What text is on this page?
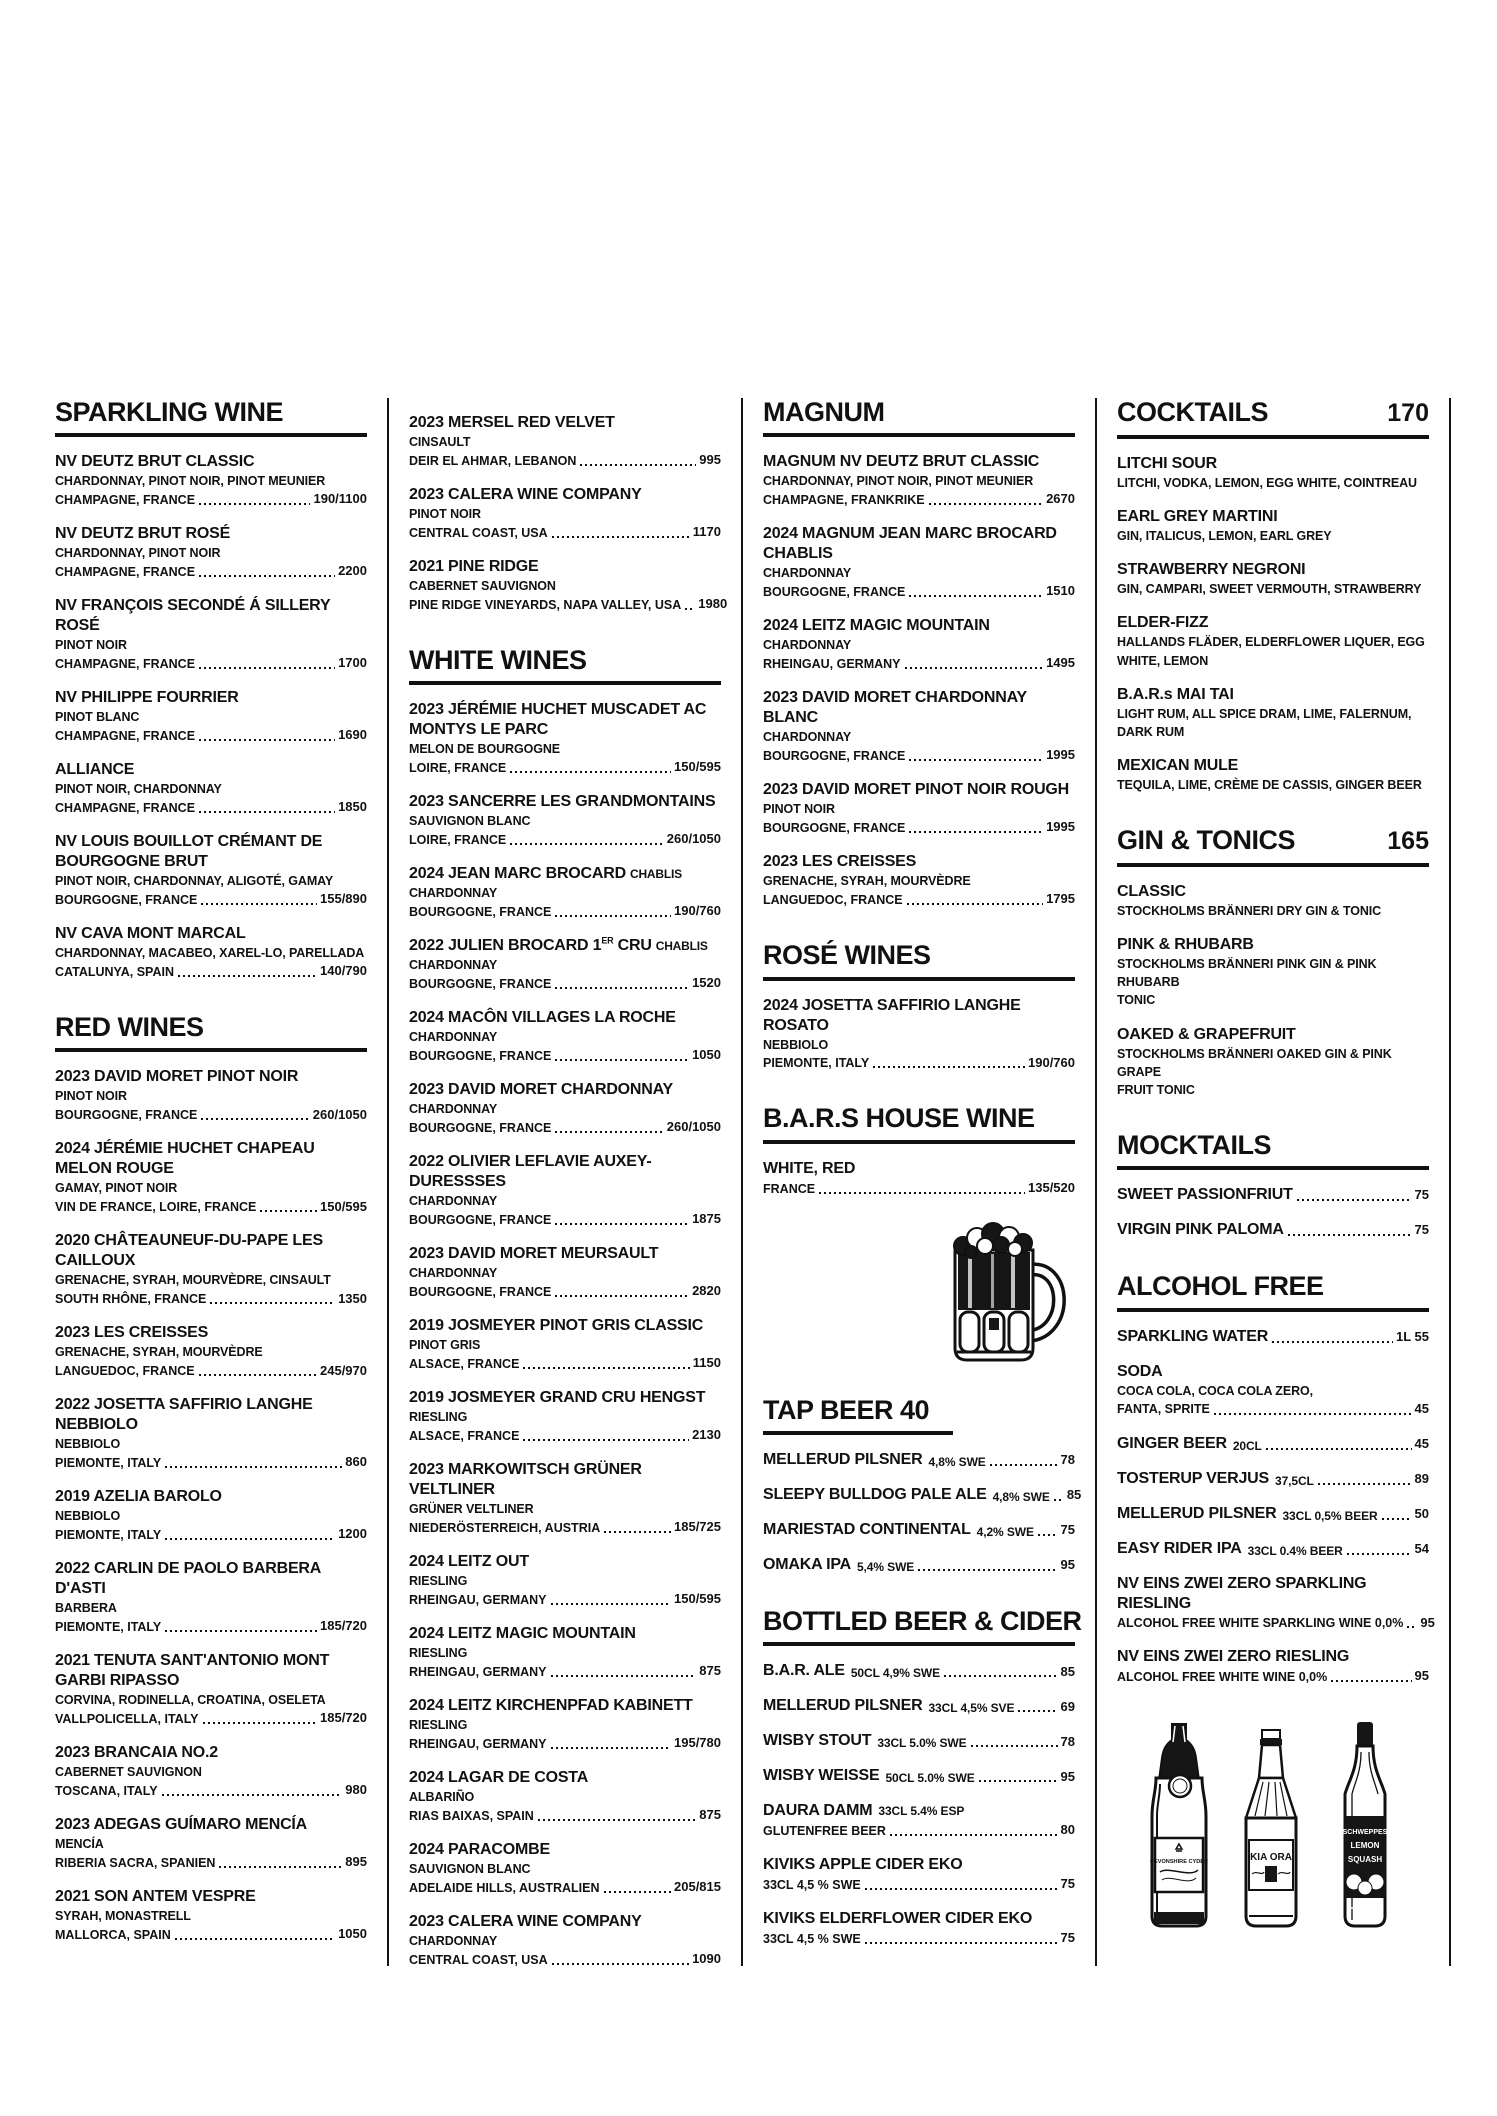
SPARKLING WINE
NV DEUTZ BRUT CLASSIC
CHARDONNAY, PINOT NOIR, PINOT MEUNIER
CHAMPAGNE, FRANCE	190/1100
NV DEUTZ BRUT ROSÉ
CHARDONNAY, PINOT NOIR
CHAMPAGNE, FRANCE	2200
NV FRANÇOIS SECONDÉ Á SILLERY ROSÉ
PINOT NOIR
CHAMPAGNE, FRANCE	1700
NV PHILIPPE FOURRIER
PINOT BLANC
CHAMPAGNE, FRANCE	1690
ALLIANCE
PINOT NOIR, CHARDONNAY
CHAMPAGNE, FRANCE	1850
NV LOUIS BOUILLOT CRÉMANT DE BOURGOGNE BRUT
PINOT NOIR, CHARDONNAY, ALIGOTÉ, GAMAY
BOURGOGNE, FRANCE	155/890
NV CAVA MONT MARCAL
CHARDONNAY, MACABEO, XAREL-LO, PARELLADA
CATALUNYA, SPAIN	140/790
RED WINES
2023 DAVID MORET PINOT NOIR
PINOT NOIR
BOURGOGNE, FRANCE	260/1050
2024 JÉRÉMIE HUCHET CHAPEAU MELON ROUGE
GAMAY, PINOT NOIR
VIN DE FRANCE, LOIRE, FRANCE	150/595
2020 CHÂTEAUNEUF-DU-PAPE LES CAILLOUX
GRENACHE, SYRAH, MOURVÈDRE, CINSAULT
SOUTH RHÔNE, FRANCE	1350
2023 LES CREISSES
GRENACHE, SYRAH, MOURVÈDRE
LANGUEDOC, FRANCE	245/970
2022 JOSETTA SAFFIRIO LANGHE NEBBIOLO
NEBBIOLO
PIEMONTE, ITALY	860
2019 AZELIA BAROLO
NEBBIOLO
PIEMONTE, ITALY	1200
2022 CARLIN DE PAOLO BARBERA D'ASTI
BARBERA
PIEMONTE, ITALY	185/720
2021 TENUTA SANT'ANTONIO MONT GARBI RIPASSO
CORVINA, RODINELLA, CROATINA, OSELETA
VALLPOLICELLA, ITALY	185/720
2023 BRANCAIA NO.2
CABERNET SAUVIGNON
TOSCANA, ITALY	980
2023 ADEGAS GUÍMARO MENCÍA
MENCÍA
RIBERIA SACRA, SPANIEN	895
2021 SON ANTEM VESPRE
SYRAH, MONASTRELL
MALLORCA, SPAIN	1050
2023 MERSEL RED VELVET
CINSAULT
DEIR EL AHMAR, LEBANON	995
2023 CALERA WINE COMPANY
PINOT NOIR
CENTRAL COAST, USA	1170
2021 PINE RIDGE
CABERNET SAUVIGNON
PINE RIDGE VINEYARDS, NAPA VALLEY, USA 1980
WHITE WINES
2023 JÉRÉMIE HUCHET MUSCADET AC MONTYS LE PARC
MELON DE BOURGOGNE
LOIRE, FRANCE	150/595
2023 SANCERRE LES GRANDMONTAINS
SAUVIGNON BLANC
LOIRE, FRANCE	260/1050
2024 JEAN MARC BROCARD CHABLIS
CHARDONNAY
BOURGOGNE, FRANCE	190/760
2022 JULIEN BROCARD 1ER CRU CHABLIS
CHARDONNAY
BOURGOGNE, FRANCE	1520
2024 MACÔN VILLAGES LA ROCHE
CHARDONNAY
BOURGOGNE, FRANCE	1050
2023 DAVID MORET CHARDONNAY
CHARDONNAY
BOURGOGNE, FRANCE	260/1050
2022 OLIVIER LEFLAVIE AUXEY-DURESSSES
CHARDONNAY
BOURGOGNE, FRANCE	1875
2023 DAVID MORET MEURSAULT
CHARDONNAY
BOURGOGNE, FRANCE	2820
2019 JOSMEYER PINOT GRIS CLASSIC
PINOT GRIS
ALSACE, FRANCE	1150
2019 JOSMEYER GRAND CRU HENGST
RIESLING
ALSACE, FRANCE	2130
2023 MARKOWITSCH GRÜNER VELTLINER
GRÜNER VELTLINER
NIEDERÖSTERREICH, AUSTRIA	185/725
2024 LEITZ OUT
RIESLING
RHEINGAU, GERMANY	150/595
2024 LEITZ MAGIC MOUNTAIN
RIESLING
RHEINGAU, GERMANY	875
2024 LEITZ KIRCHENPFAD KABINETT
RIESLING
RHEINGAU, GERMANY	195/780
2024 LAGAR DE COSTA
ALBARIÑO
RIAS BAIXAS, SPAIN	875
2024 PARACOMBE
SAUVIGNON BLANC
ADELAIDE HILLS, AUSTRALIEN	205/815
2023 CALERA WINE COMPANY
CHARDONNAY
CENTRAL COAST, USA	1090
MAGNUM
MAGNUM NV DEUTZ BRUT CLASSIC
CHARDONNAY, PINOT NOIR, PINOT MEUNIER
CHAMPAGNE, FRANKRIKE	2670
2024 MAGNUM JEAN MARC BROCARD CHABLIS
CHARDONNAY
BOURGOGNE, FRANCE	1510
2024 LEITZ MAGIC MOUNTAIN
CHARDONNAY
RHEINGAU, GERMANY	1495
2023 DAVID MORET CHARDONNAY BLANC
CHARDONNAY
BOURGOGNE, FRANCE	1995
2023 DAVID MORET PINOT NOIR ROUGH
PINOT NOIR
BOURGOGNE, FRANCE	1995
2023 LES CREISSES
GRENACHE, SYRAH, MOURVÈDRE
LANGUEDOC, FRANCE	1795
ROSÉ WINES
2024 JOSETTA SAFFIRIO LANGHE ROSATO
NEBBIOLO
PIEMONTE, ITALY	190/760
B.A.R.S HOUSE WINE
WHITE, RED
FRANCE	135/520
TAP BEER 40
MELLERUD PILSNER 4,8% SWE	78
SLEEPY BULLDOG PALE ALE 4,8% SWE 85
MARIESTAD CONTINENTAL 4,2% SWE 75
OMAKA IPA 5,4% SWE	95
BOTTLED BEER & CIDER
B.A.R. ALE 50CL 4,9% SWE	85
MELLERUD PILSNER 33CL 4,5% SVE	69
WISBY STOUT 33CL 5.0% SWE	78
WISBY WEISSE 50CL 5.0% SWE	95
DAURA DAMM 33CL 5.4% ESP
GLUTENFREE BEER	80
KIVIKS APPLE CIDER EKO
33CL 4,5 % SWE	75
KIVIKS ELDERFLOWER CIDER EKO
33CL 4,5 % SWE	75
COCKTAILS	170
LITCHI SOUR
LITCHI, VODKA, LEMON, EGG WHITE, COINTREAU
EARL GREY MARTINI
GIN, ITALICUS, LEMON, EARL GREY
STRAWBERRY NEGRONI
GIN, CAMPARI, SWEET VERMOUTH, STRAWBERRY
ELDER-FIZZ
HALLANDS FLÄDER, ELDERFLOWER LIQUER, EGG
WHITE, LEMON
B.A.R.s MAI TAI
LIGHT RUM, ALL SPICE DRAM, LIME, FALERNUM,
DARK RUM
MEXICAN MULE
TEQUILA, LIME, CRÈME DE CASSIS, GINGER BEER
GIN & TONICS	165
CLASSIC
STOCKHOLMS BRÄNNERI DRY GIN & TONIC
PINK & RHUBARB
STOCKHOLMS BRÄNNERI PINK GIN & PINK RHUBARB
TONIC
OAKED & GRAPEFRUIT
STOCKHOLMS BRÄNNERI OAKED GIN & PINK GRAPE
FRUIT TONIC
MOCKTAILS
SWEET PASSIONFRIUT	75
VIRGIN PINK PALOMA	75
ALCOHOL FREE
SPARKLING WATER	1L 55
SODA
COCA COLA, COCA COLA ZERO,
FANTA, SPRITE	45
GINGER BEER 20CL	45
TOSTERUP VERJUS 37,5CL	89
MELLERUD PILSNER 33CL 0,5% BEER	50
EASY RIDER IPA 33CL 0.4% BEER	54
NV EINS ZWEI ZERO SPARKLING RIESLING
ALCOHOL FREE WHITE SPARKLING WINE 0,0% 95
NV EINS ZWEI ZERO RIESLING
ALCOHOL FREE WHITE WINE 0,0%	95
DEVONSHIRE CYDER	KIA ORA
SCHWEPPES
LEMON
SQUASH
